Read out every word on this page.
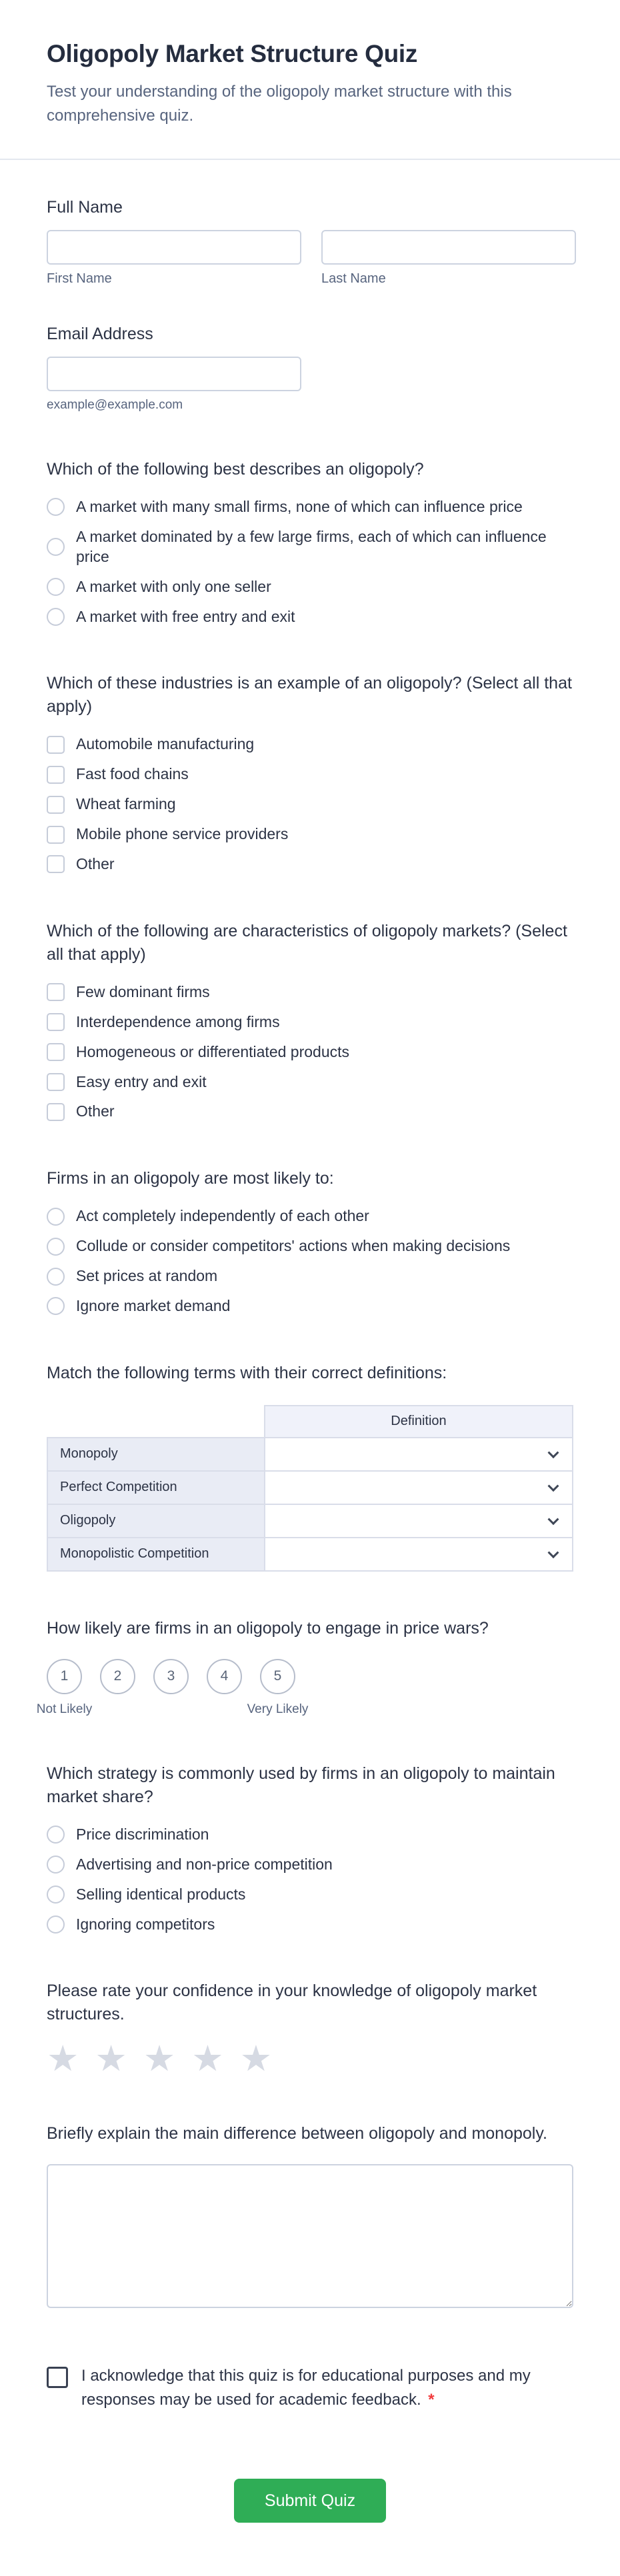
Oligopoly Market Structure Quiz

Test your understanding of the oligopoly market structure with this comprehensive quiz.

Full Name
First Name	Last Name
Email Address
example@example.com
Which of the following best describes an oligopoly?
A market with many small firms, none of which can influence price
A market dominated by a few large firms, each of which can influence price
A market with only one seller
A market with free entry and exit
Which of these industries is an example of an oligopoly? (Select all that apply)
Automobile manufacturing
Fast food chains
Wheat farming
Mobile phone service providers
Other
Which of the following are characteristics of oligopoly markets? (Select all that apply)
Few dominant firms
Interdependence among firms
Homogeneous or differentiated products
Easy entry and exit
Other
Firms in an oligopoly are most likely to:
Act completely independently of each other
Collude or consider competitors' actions when making decisions
Set prices at random
Ignore market demand
Match the following terms with their correct definitions:
	Definition
Monopoly	

Perfect Competition	

Oligopoly	

Monopolistic Competition	
How likely are firms in an oligopoly to engage in price wars?
1
Not Likely
2	3	4	5
Very Likely
Which strategy is commonly used by firms in an oligopoly to maintain market share?
Price discrimination
Advertising and non-price competition
Selling identical products
Ignoring competitors
Please rate your confidence in your knowledge of oligopoly market structures.
★ ★ ★ ★ ★
Briefly explain the main difference between oligopoly and monopoly.
I acknowledge that this quiz is for educational purposes and my responses may be used for academic feedback. *
Submit Quiz
